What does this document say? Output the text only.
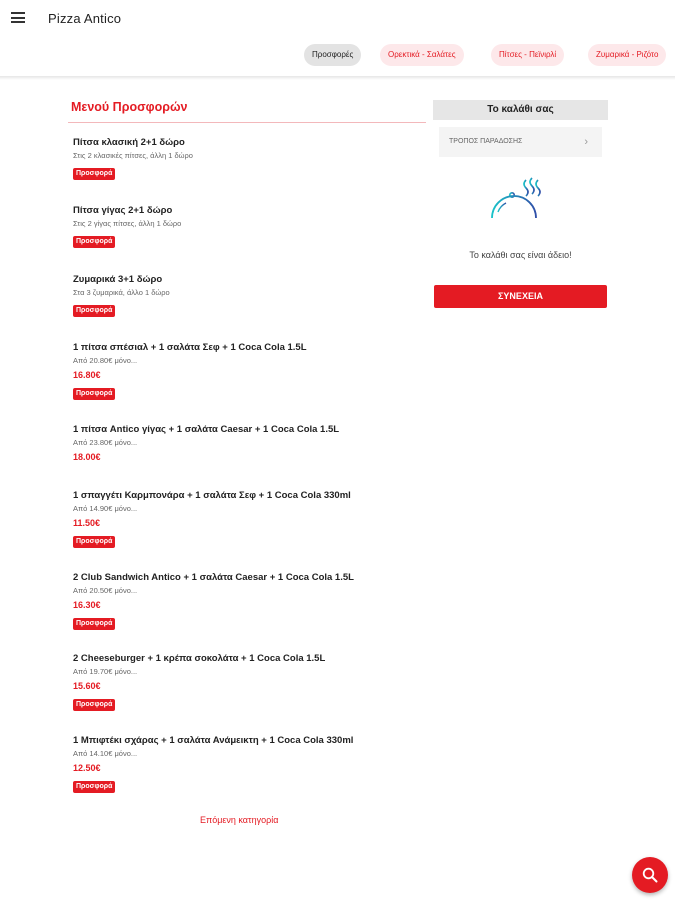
Pizza Antico
Προσφορές	Ορεκτικά - Σαλάτες	Πίτσες - Πεϊνιρλί	Ζυμαρικά - Ριζότο
Μενού Προσφορών
Πίτσα κλασική 2+1 δώρο
Στις 2 κλασικές πίτσες, άλλη 1 δώρο
Προσφορά
Πίτσα γίγας 2+1 δώρο
Στις 2 γίγας πίτσες, άλλη 1 δώρο
Προσφορά
Ζυμαρικά 3+1 δώρο
Στα 3 ζυμαρικά, άλλο 1 δώρο
Προσφορά
1 πίτσα σπέσιαλ + 1 σαλάτα Σεφ + 1 Coca Cola 1.5L
Από 20.80€ μόνο...
16.80€
Προσφορά
1 πίτσα Antico γίγας + 1 σαλάτα Caesar + 1 Coca Cola 1.5L
Από 23.80€ μόνο...
18.00€
1 σπαγγέτι Καρμπονάρα + 1 σαλάτα Σεφ + 1 Coca Cola 330ml
Από 14.90€ μόνο...
11.50€
Προσφορά
2 Club Sandwich Antico + 1 σαλάτα Caesar + 1 Coca Cola 1.5L
Από 20.50€ μόνο...
16.30€
Προσφορά
2 Cheeseburger + 1 κρέπα σοκολάτα + 1 Coca Cola 1.5L
Από 19.70€ μόνο...
15.60€
Προσφορά
1 Μπιφτέκι σχάρας + 1 σαλάτα Ανάμεικτη + 1 Coca Cola 330ml
Από 14.10€ μόνο...
12.50€
Προσφορά
Επόμενη κατηγορία
Το καλάθι σας
ΤΡΟΠΟΣ ΠΑΡΑΔΟΣΗΣ	›
Το καλάθι σας είναι άδειο!
ΣΥΝΕΧΕΙΑ
